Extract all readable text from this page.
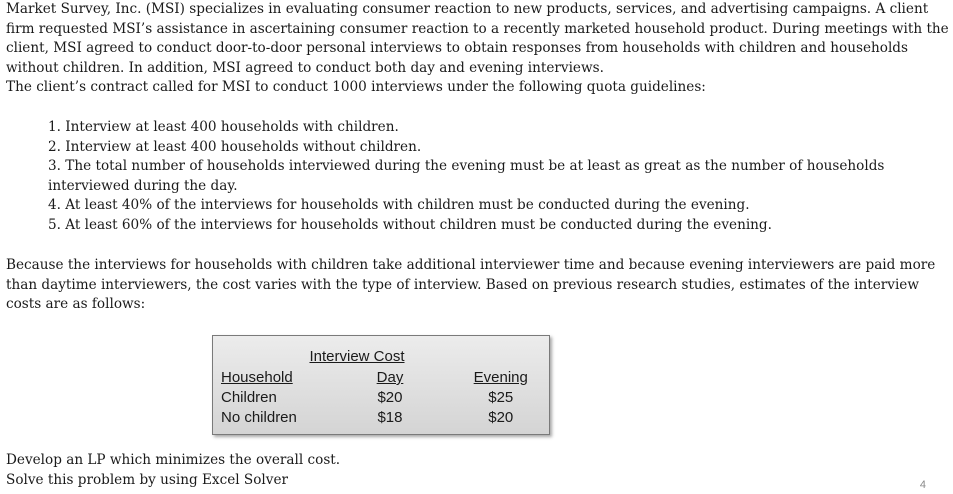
Market Survey, Inc. (MSI) specializes in evaluating consumer reaction to new products, services, and advertising campaigns. A client firm requested MSI’s assistance in ascertaining consumer reaction to a recently marketed household product. During meetings with the client, MSI agreed to conduct door-to-door personal interviews to obtain responses from households with children and households without children. In addition, MSI agreed to conduct both day and evening interviews.

The client’s contract called for MSI to conduct 1000 interviews under the following quota guidelines:

1. Interview at least 400 households with children.
2. Interview at least 400 households without children.
3. The total number of households interviewed during the evening must be at least as great as the number of households interviewed during the day.
4. At least 40% of the interviews for households with children must be conducted during the evening.
5. At least 60% of the interviews for households without children must be conducted during the evening.

Because the interviews for households with children take additional interviewer time and because evening interviewers are paid more than daytime interviewers, the cost varies with the type of interview. Based on previous research studies, estimates of the interview costs are as follows:

Interview Cost

Household	Day	Evening
Children	$20	$25
No children	$18	$20

Develop an LP which minimizes the overall cost.

Solve this problem by using Excel Solver	4
